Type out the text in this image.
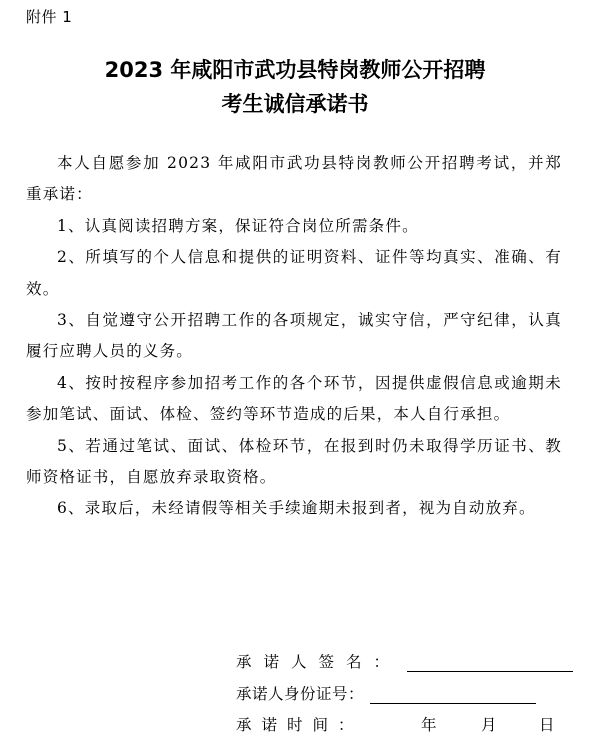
附件 1
2023 年咸阳市武功县特岗教师公开招聘
考生诚信承诺书

本人自愿参加 2023 年咸阳市武功县特岗教师公开招聘考试，并郑重承诺：

1、认真阅读招聘方案，保证符合岗位所需条件。

2、所填写的个人信息和提供的证明资料、证件等均真实、准确、有效。

3、自觉遵守公开招聘工作的各项规定，诚实守信，严守纪律，认真履行应聘人员的义务。

4、按时按程序参加招考工作的各个环节，因提供虚假信息或逾期未参加笔试、面试、体检、签约等环节造成的后果，本人自行承担。

5、若通过笔试、面试、体检环节，在报到时仍未取得学历证书、教师资格证书，自愿放弃录取资格。

6、录取后，未经请假等相关手续逾期未报到者，视为自动放弃。

承诺人签名：
承诺人身份证号：
承诺时间：	年	月	日
